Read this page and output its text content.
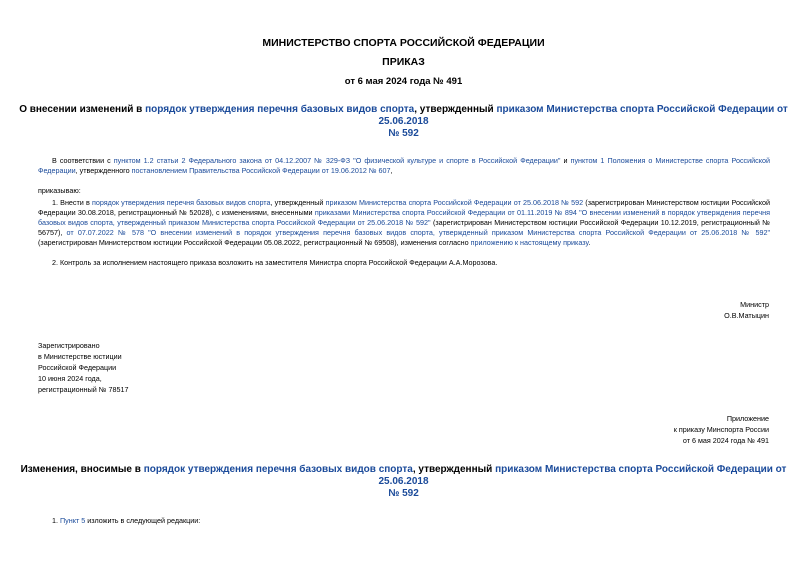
МИНИСТЕРСТВО СПОРТА РОССИЙСКОЙ ФЕДЕРАЦИИ
ПРИКАЗ
от 6 мая 2024 года № 491
О внесении изменений в порядок утверждения перечня базовых видов спорта, утвержденный приказом Министерства спорта Российской Федерации от 25.06.2018
№ 592
В соответствии с пунктом 1.2 статьи 2 Федерального закона от 04.12.2007 № 329-ФЗ "О физической культуре и спорте в Российской Федерации" и пунктом 1 Положения о Министерстве спорта Российской Федерации, утвержденного постановлением Правительства Российской Федерации от 19.06.2012 № 607,
приказываю:
1. Внести в порядок утверждения перечня базовых видов спорта, утвержденный приказом Министерства спорта Российской Федерации от 25.06.2018 № 592 (зарегистрирован Министерством юстиции Российской Федерации 30.08.2018, регистрационный № 52028), с изменениями, внесенными приказами Министерства спорта Российской Федерации от 01.11.2019 № 894 "О внесении изменений в порядок утверждения перечня базовых видов спорта, утвержденный приказом Министерства спорта Российской Федерации от 25.06.2018 № 592" (зарегистрирован Министерством юстиции Российской Федерации 10.12.2019, регистрационный № 56757), от 07.07.2022 № 578 "О внесении изменений в порядок утверждения перечня базовых видов спорта, утвержденный приказом Министерства спорта Российской Федерации от 25.06.2018 № 592" (зарегистрирован Министерством юстиции Российской Федерации 05.08.2022, регистрационный № 69508), изменения согласно приложению к настоящему приказу.
2. Контроль за исполнением настоящего приказа возложить на заместителя Министра спорта Российской Федерации А.А.Морозова.
Министр
О.В.Матыцин
Зарегистрировано
в Министерстве юстиции
Российской Федерации
10 июня 2024 года,
регистрационный № 78517
Приложение
к приказу Минспорта России
от 6 мая 2024 года № 491
Изменения, вносимые в порядок утверждения перечня базовых видов спорта, утвержденный приказом Министерства спорта Российской Федерации от 25.06.2018
№ 592
1. Пункт 5 изложить в следующей редакции:
